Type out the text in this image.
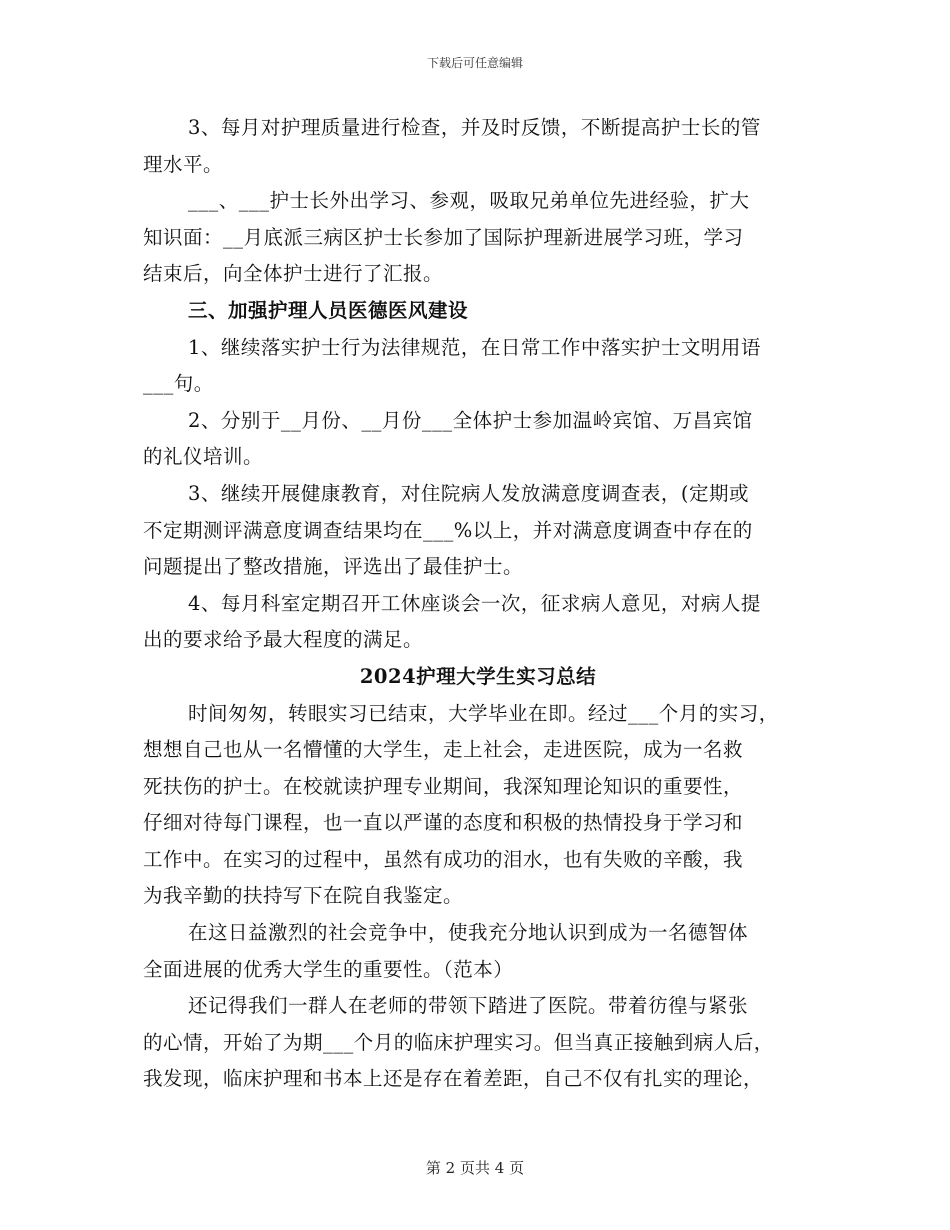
下载后可任意编辑
3、每月对护理质量进行检查，并及时反馈，不断提高护士长的管
理水平。
___、___护士长外出学习、参观，吸取兄弟单位先进经验，扩大
知识面：__月底派三病区护士长参加了国际护理新进展学习班，学习
结束后，向全体护士进行了汇报。
三、加强护理人员医德医风建设
1、继续落实护士行为法律规范，在日常工作中落实护士文明用语
___句。
2、分别于__月份、__月份___全体护士参加温岭宾馆、万昌宾馆
的礼仪培训。
3、继续开展健康教育，对住院病人发放满意度调查表，(定期或
不定期测评满意度调查结果均在___%以上，并对满意度调查中存在的
问题提出了整改措施，评选出了最佳护士。
4、每月科室定期召开工休座谈会一次，征求病人意见，对病人提
出的要求给予最大程度的满足。
2024护理大学生实习总结
时间匆匆，转眼实习已结束，大学毕业在即。经过___个月的实习，
想想自己也从一名懵懂的大学生，走上社会，走进医院，成为一名救
死扶伤的护士。在校就读护理专业期间，我深知理论知识的重要性，
仔细对待每门课程，也一直以严谨的态度和积极的热情投身于学习和
工作中。在实习的过程中，虽然有成功的泪水，也有失败的辛酸，我
为我辛勤的扶持写下在院自我鉴定。
在这日益激烈的社会竞争中，使我充分地认识到成为一名德智体
全面进展的优秀大学生的重要性。（范本）
还记得我们一群人在老师的带领下踏进了医院。带着彷徨与紧张
的心情，开始了为期___个月的临床护理实习。但当真正接触到病人后，
我发现，临床护理和书本上还是存在着差距，自己不仅有扎实的理论，
第 2 页共 4 页
